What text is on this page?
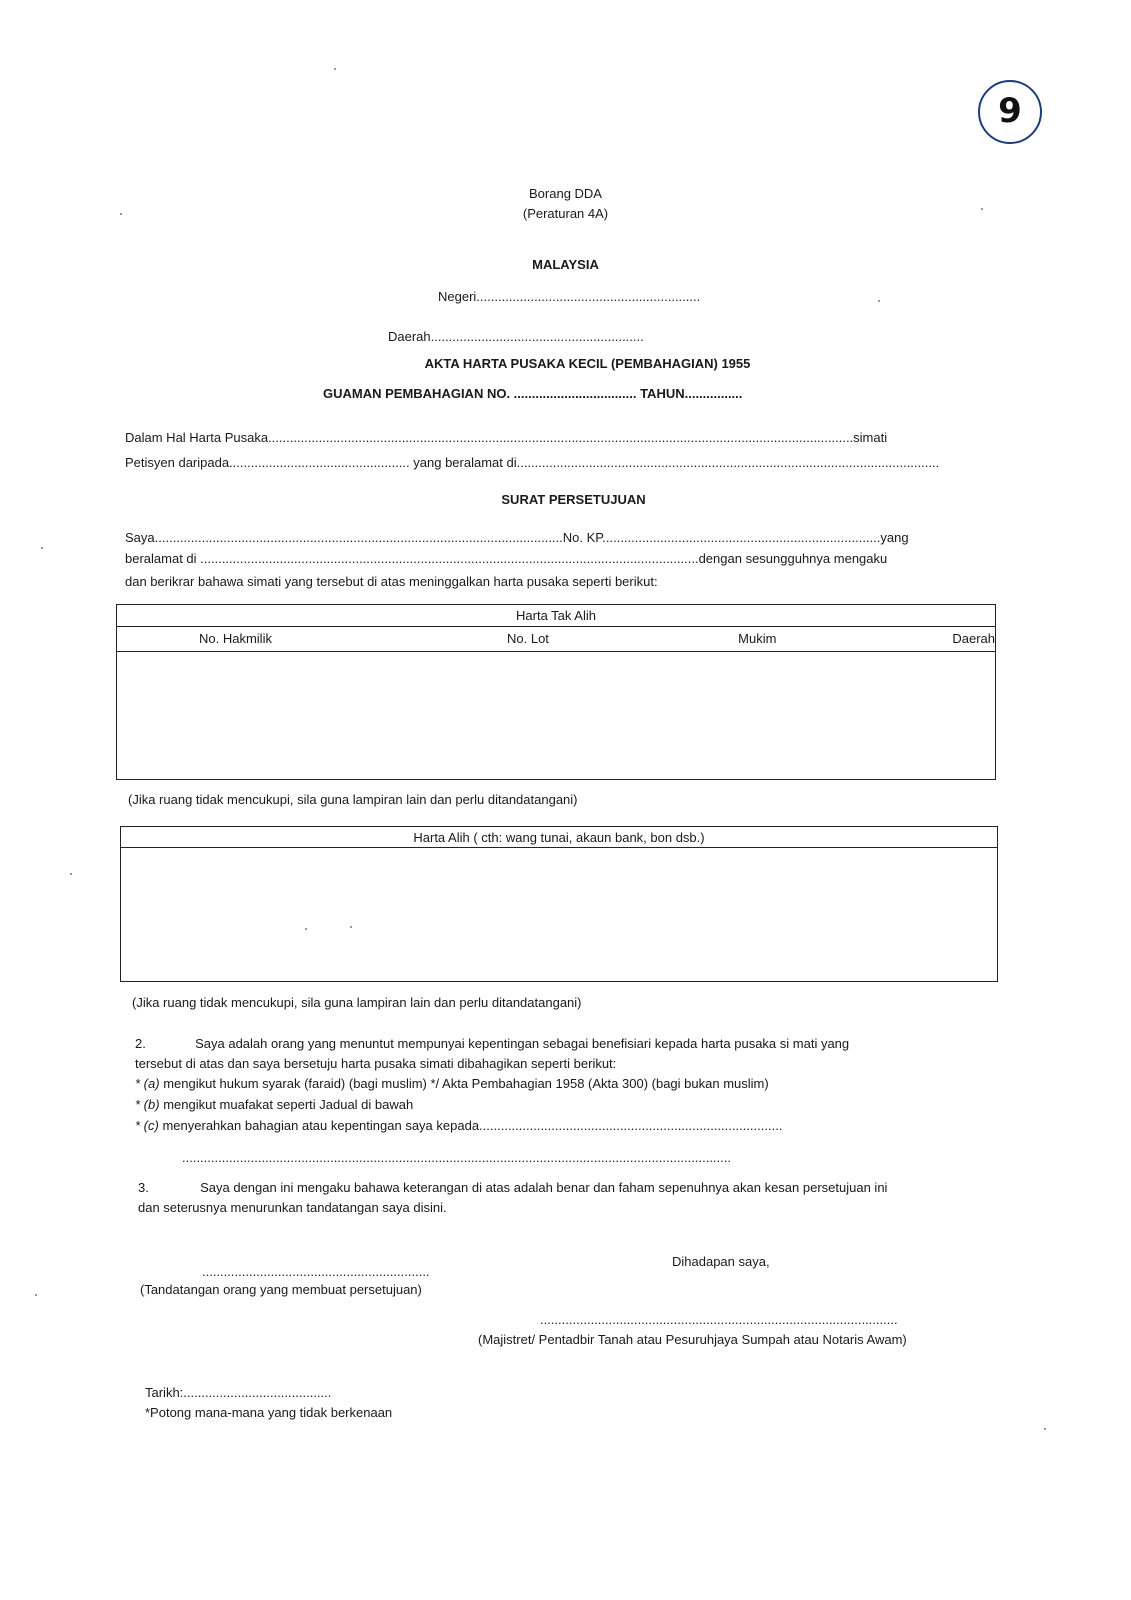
9
Borang DDA
(Peraturan 4A)
MALAYSIA
Negeri..............................................................
Daerah...........................................................
AKTA HARTA PUSAKA KECIL (PEMBAHAGIAN) 1955
GUAMAN PEMBAHAGIAN NO. .................................. TAHUN................
Dalam Hal Harta Pusaka..................................................................................................................................................................simati
Petisyen daripada.................................................. yang beralamat di.....................................................................................................................
SURAT PERSETUJUAN
Saya.................................................................................................................No. KP.............................................................................yang
beralamat di ..........................................................................................................................................dengan sesungguhnya mengaku
dan berikrar bahawa simati yang tersebut di atas meninggalkan harta pusaka seperti berikut:
Harta Tak Alih
No. Hakmilik	No. Lot	Mukim	Daerah

(Jika ruang tidak mencukupi, sila guna lampiran lain dan perlu ditandatangani)
Harta Alih ( cth: wang tunai, akaun bank, bon dsb.)

(Jika ruang tidak mencukupi, sila guna lampiran lain dan perlu ditandatangani)
2.	Saya adalah orang yang menuntut mempunyai kepentingan sebagai benefisiari kepada harta pusaka si mati yang
tersebut di atas dan saya bersetuju harta pusaka simati dibahagikan seperti berikut:
* (a) mengikut hukum syarak (faraid) (bagi muslim) */ Akta Pembahagian 1958 (Akta 300) (bagi bukan muslim)
* (b) mengikut muafakat seperti Jadual di bawah
* (c) menyerahkan bahagian atau kepentingan saya kepada....................................................................................
........................................................................................................................................................
3.	Saya dengan ini mengaku bahawa keterangan di atas adalah benar dan faham sepenuhnya akan kesan persetujuan ini
dan seterusnya menurunkan tandatangan saya disini.
Dihadapan saya,
...............................................................
(Tandatangan orang yang membuat persetujuan)
...................................................................................................
(Majistret/ Pentadbir Tanah atau Pesuruhjaya Sumpah atau Notaris Awam)
Tarikh:.........................................
*Potong mana-mana yang tidak berkenaan
